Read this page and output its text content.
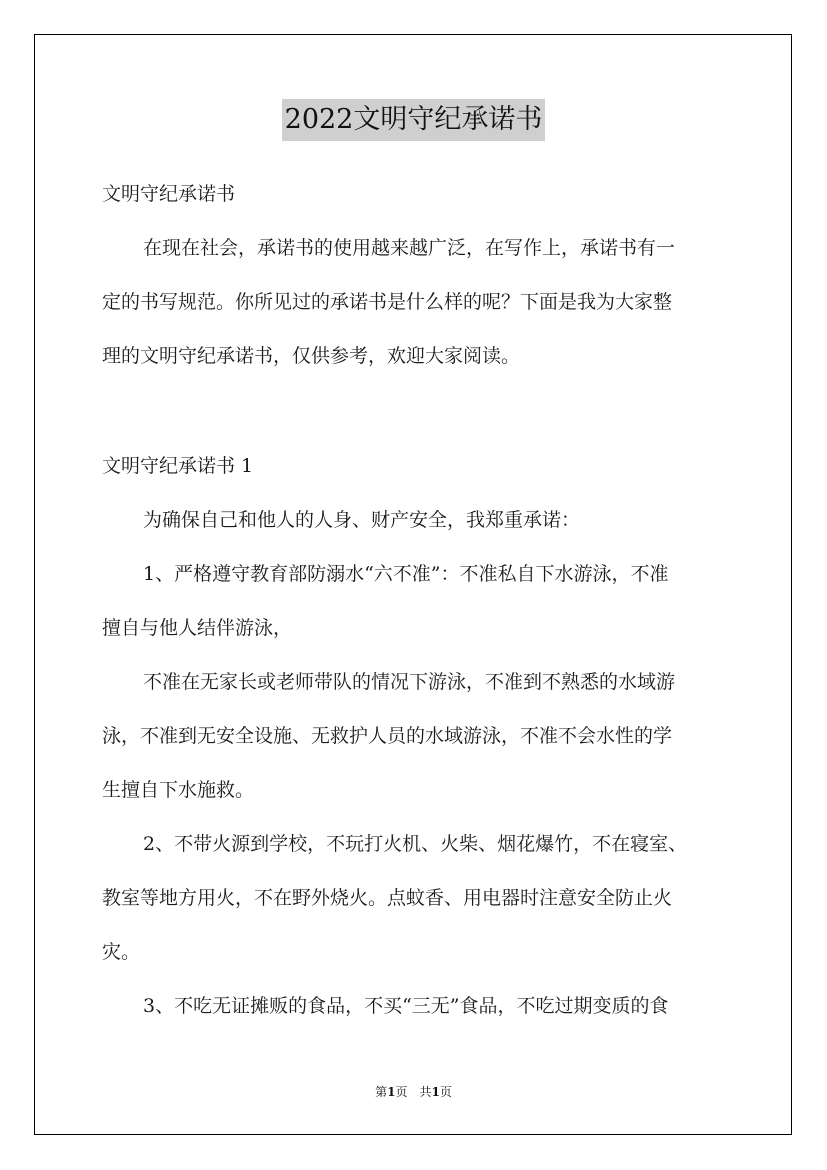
2022文明守纪承诺书
文明守纪承诺书
在现在社会，承诺书的使用越来越广泛，在写作上，承诺书有一
定的书写规范。你所见过的承诺书是什么样的呢？下面是我为大家整
理的文明守纪承诺书，仅供参考，欢迎大家阅读。
文明守纪承诺书 1
为确保自己和他人的人身、财产安全，我郑重承诺：
1、严格遵守教育部防溺水“六不准”：不准私自下水游泳，不准
擅自与他人结伴游泳，
不准在无家长或老师带队的情况下游泳，不准到不熟悉的水域游
泳，不准到无安全设施、无救护人员的水域游泳，不准不会水性的学
生擅自下水施救。
2、不带火源到学校，不玩打火机、火柴、烟花爆竹，不在寝室、
教室等地方用火，不在野外烧火。点蚊香、用电器时注意安全防止火
灾。
3、不吃无证摊贩的食品，不买“三无”食品，不吃过期变质的食
第1页　共1页
